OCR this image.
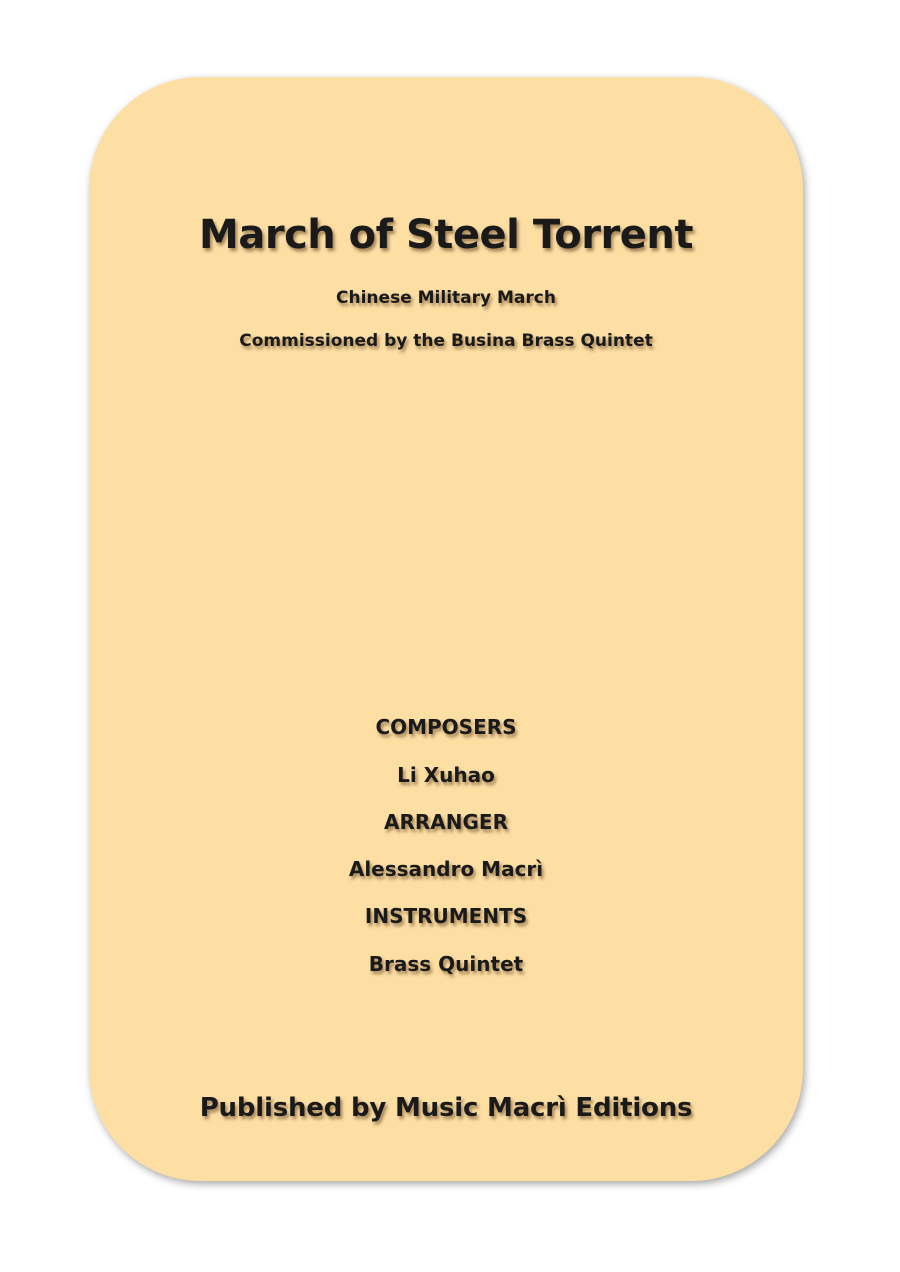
March of Steel Torrent
Chinese Military March
Commissioned by the Busina Brass Quintet
COMPOSERS
Li Xuhao
ARRANGER
Alessandro Macrì
INSTRUMENTS
Brass Quintet
Published by Music Macrì Editions
